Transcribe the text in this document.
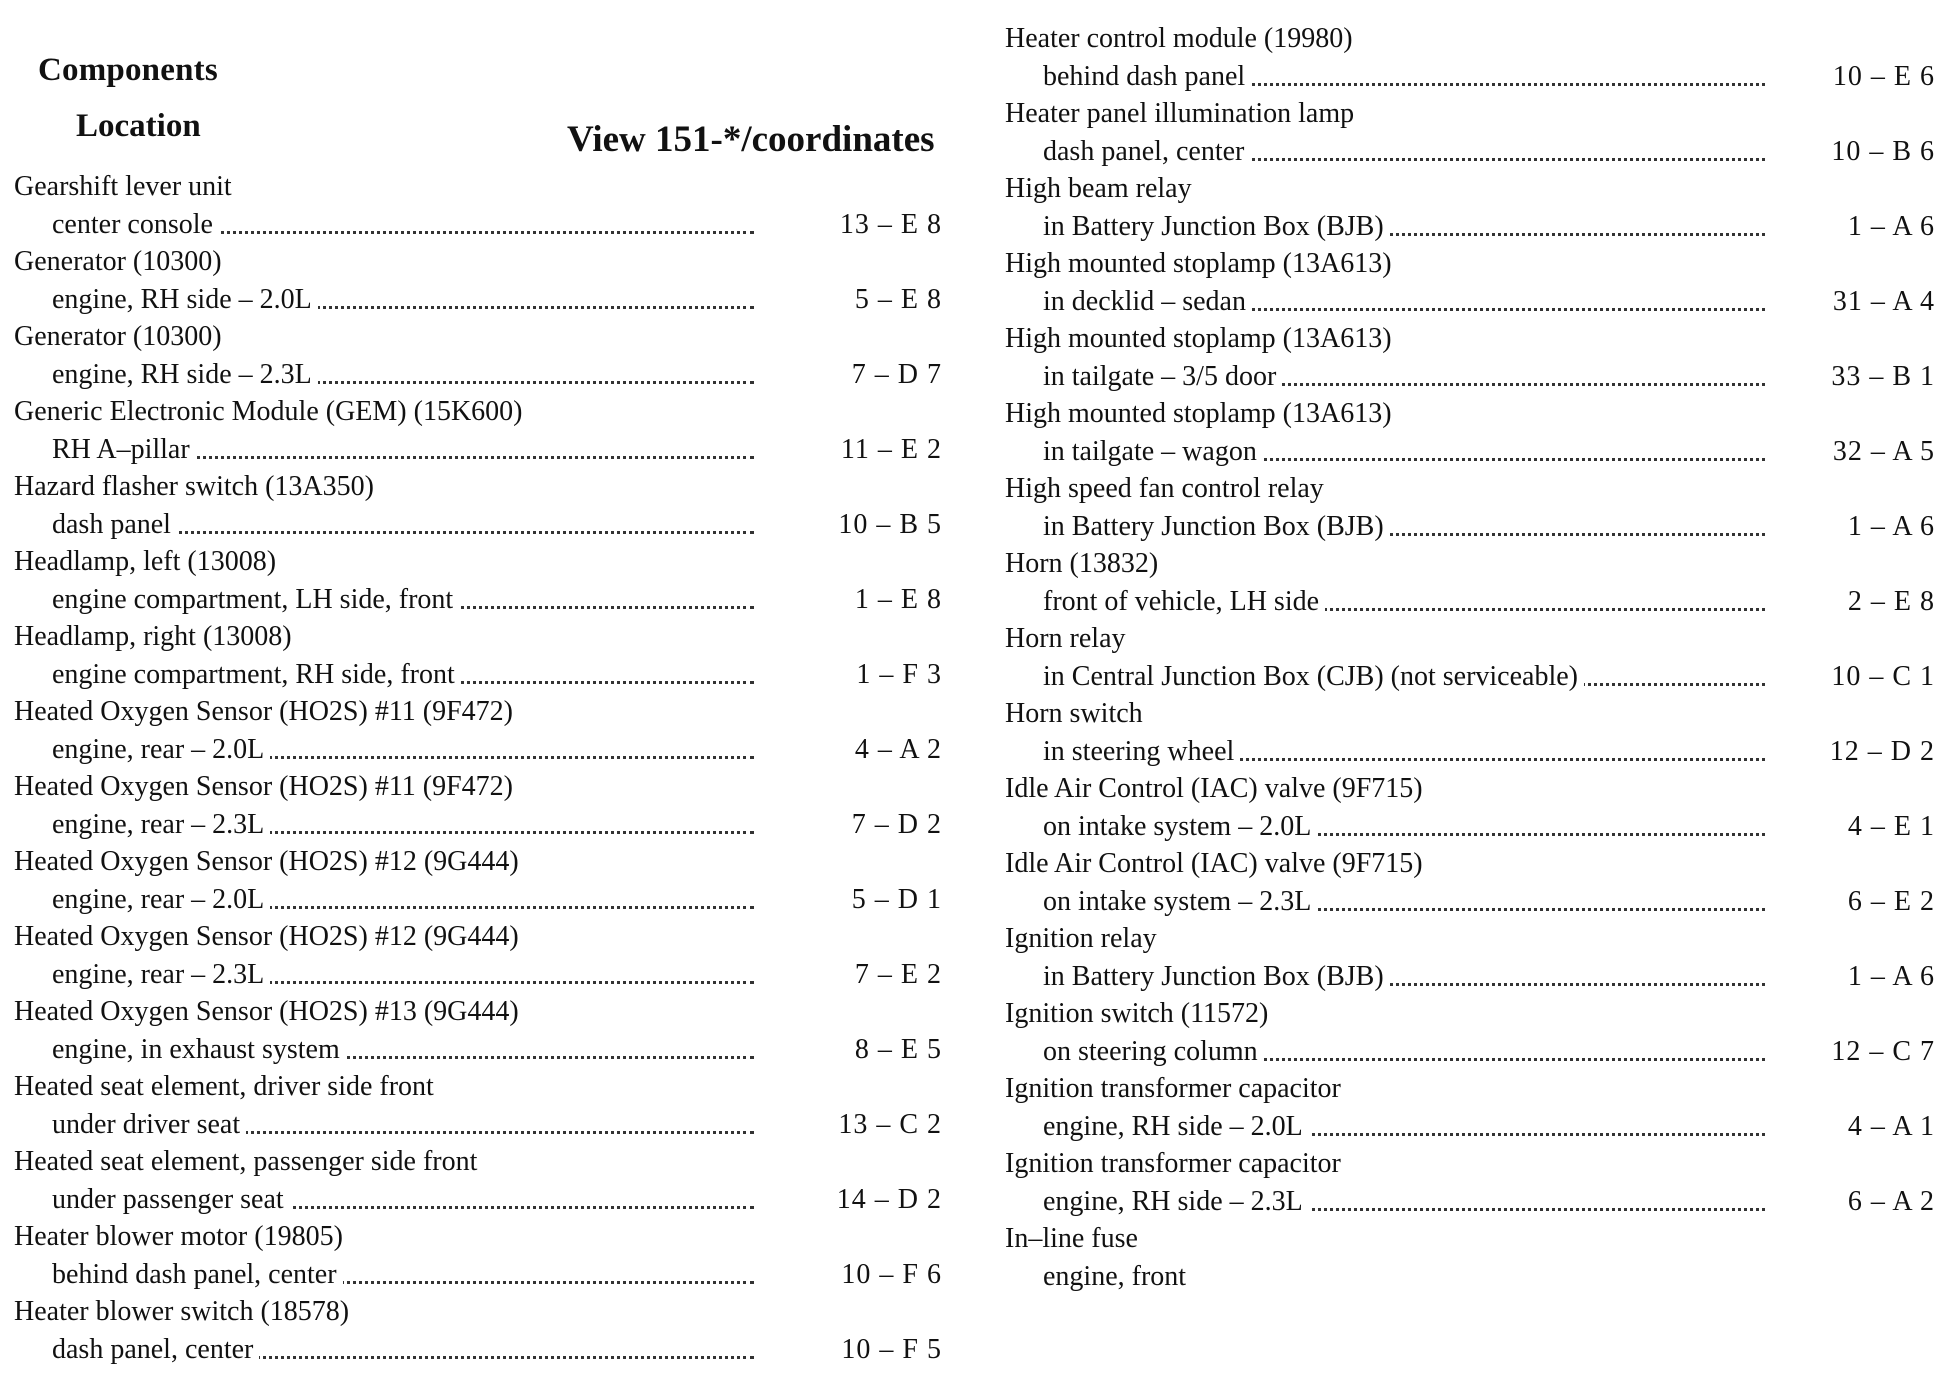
Components
Location	View 151-*/coordinates
Gearshift lever unit
center console	13 – E 8
Generator (10300)
engine, RH side – 2.0L	5 – E 8
Generator (10300)
engine, RH side – 2.3L	7 – D 7
Generic Electronic Module (GEM) (15K600)
RH A–pillar	11 – E 2
Hazard flasher switch (13A350)
dash panel	10 – B 5
Headlamp, left (13008)
engine compartment, LH side, front	1 – E 8
Headlamp, right (13008)
engine compartment, RH side, front	1 – F 3
Heated Oxygen Sensor (HO2S) #11 (9F472)
engine, rear – 2.0L	4 – A 2
Heated Oxygen Sensor (HO2S) #11 (9F472)
engine, rear – 2.3L	7 – D 2
Heated Oxygen Sensor (HO2S) #12 (9G444)
engine, rear – 2.0L	5 – D 1
Heated Oxygen Sensor (HO2S) #12 (9G444)
engine, rear – 2.3L	7 – E 2
Heated Oxygen Sensor (HO2S) #13 (9G444)
engine, in exhaust system	8 – E 5
Heated seat element, driver side front
under driver seat	13 – C 2
Heated seat element, passenger side front
under passenger seat	14 – D 2
Heater blower motor (19805)
behind dash panel, center	10 – F 6
Heater blower switch (18578)
dash panel, center	10 – F 5
Heater control module (19980)
behind dash panel	10 – E 6
Heater panel illumination lamp
dash panel, center	10 – B 6
High beam relay
in Battery Junction Box (BJB)	1 – A 6
High mounted stoplamp (13A613)
in decklid – sedan	31 – A 4
High mounted stoplamp (13A613)
in tailgate – 3/5 door	33 – B 1
High mounted stoplamp (13A613)
in tailgate – wagon	32 – A 5
High speed fan control relay
in Battery Junction Box (BJB)	1 – A 6
Horn (13832)
front of vehicle, LH side	2 – E 8
Horn relay
in Central Junction Box (CJB) (not serviceable)	10 – C 1
Horn switch
in steering wheel	12 – D 2
Idle Air Control (IAC) valve (9F715)
on intake system – 2.0L	4 – E 1
Idle Air Control (IAC) valve (9F715)
on intake system – 2.3L	6 – E 2
Ignition relay
in Battery Junction Box (BJB)	1 – A 6
Ignition switch (11572)
on steering column	12 – C 7
Ignition transformer capacitor
engine, RH side – 2.0L	4 – A 1
Ignition transformer capacitor
engine, RH side – 2.3L	6 – A 2
In–line fuse
engine, front
